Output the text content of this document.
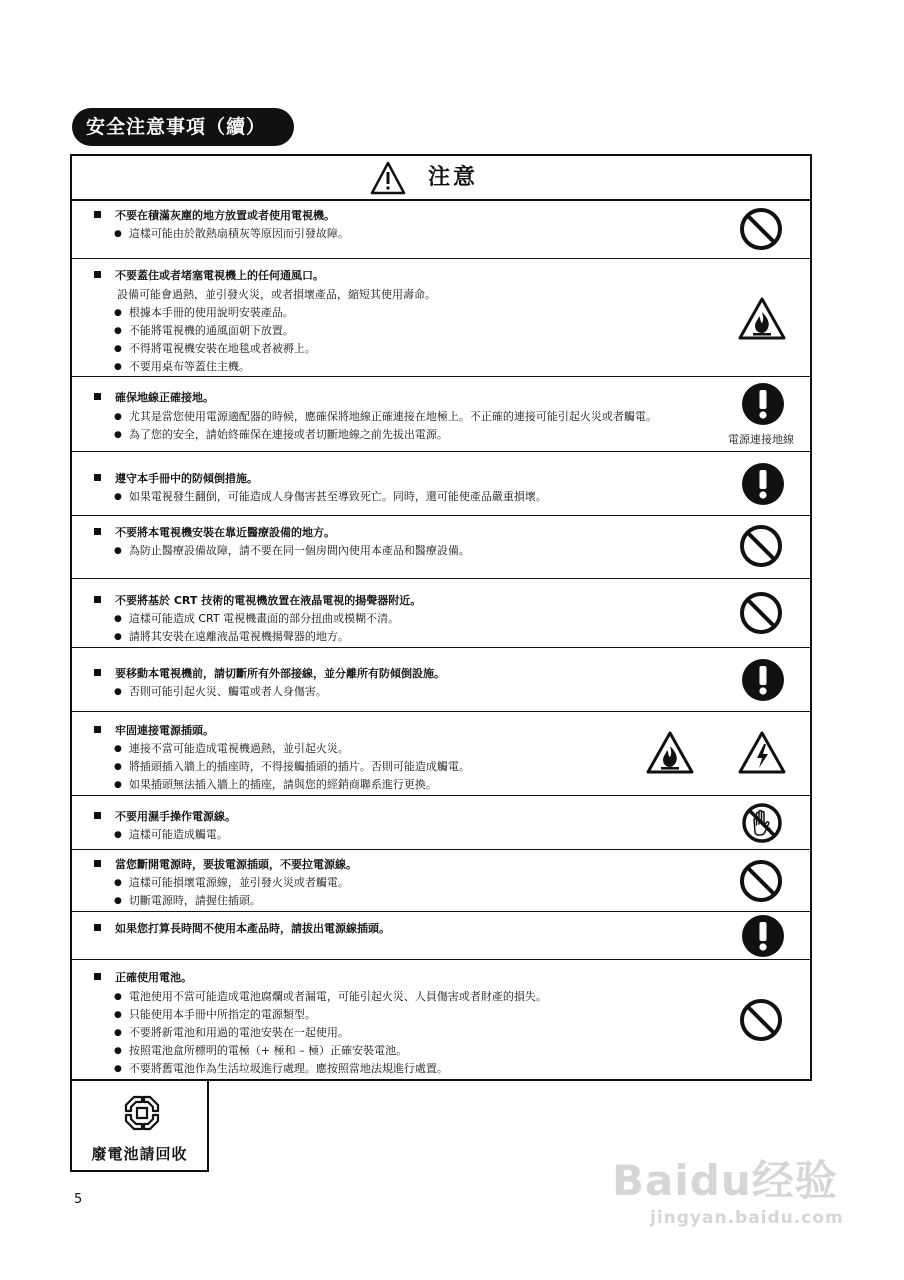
安全注意事項（續）
注意
不要在積滿灰塵的地方放置或者使用電視機。
● 這樣可能由於散熱扇積灰等原因而引發故障。
不要蓋住或者堵塞電視機上的任何通風口。
設備可能會過熱，並引發火災，或者損壞產品，縮短其使用壽命。
● 根據本手冊的使用說明安裝產品。
● 不能將電視機的通風面朝下放置。
● 不得將電視機安裝在地毯或者被褥上。
● 不要用桌布等蓋住主機。
確保地線正確接地。
● 尤其是當您使用電源適配器的時候，應確保將地線正確連接在地極上。不正確的連接可能引起火災或者觸電。
● 為了您的安全，請始終確保在連接或者切斷地線之前先拔出電源。	電源連接地線
遵守本手冊中的防傾倒措施。
● 如果電視發生翻倒，可能造成人身傷害甚至導致死亡。同時，還可能使產品嚴重損壞。
不要將本電視機安裝在靠近醫療設備的地方。
● 為防止醫療設備故障，請不要在同一個房間內使用本產品和醫療設備。
不要將基於 CRT 技術的電視機放置在液晶電視的揚聲器附近。
● 這樣可能造成 CRT 電視機畫面的部分扭曲或模糊不清。
● 請將其安裝在遠離液晶電視機揚聲器的地方。
要移動本電視機前，請切斷所有外部接線，並分離所有防傾倒設施。
● 否則可能引起火災、觸電或者人身傷害。
牢固連接電源插頭。
● 連接不當可能造成電視機過熱，並引起火災。
● 將插頭插入牆上的插座時，不得接觸插頭的插片。否則可能造成觸電。
● 如果插頭無法插入牆上的插座，請與您的經銷商聯系進行更換。
不要用濕手操作電源線。
● 這樣可能造成觸電。
當您斷開電源時，要拔電源插頭，不要拉電源線。
● 這樣可能損壞電源線，並引發火災或者觸電。
● 切斷電源時，請握住插頭。
如果您打算長時間不使用本產品時，請拔出電源線插頭。
正確使用電池。
● 電池使用不當可能造成電池腐爛或者漏電，可能引起火災、人員傷害或者財產的損失。
● 只能使用本手冊中所指定的電源類型。
● 不要將新電池和用過的電池安裝在一起使用。
● 按照電池盒所標明的電極（+ 極和 – 極）正確安裝電池。
● 不要將舊電池作為生活垃圾進行處理。應按照當地法規進行處置。
廢電池請回收
5	Baidu经验
jingyan.baidu.com
